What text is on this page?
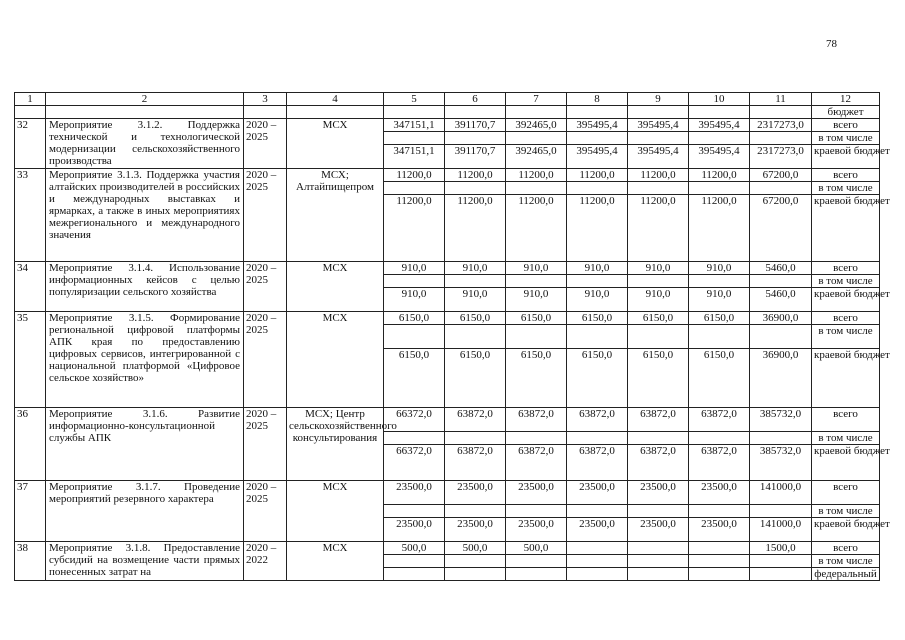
78
1	2	3	4	5	6	7	8	9	10	11	12
											бюджет
32	Мероприятие 3.1.2. Поддержка технической и технологической модернизации сельскохозяйственного производства	2020 – 2025	МСХ	347151,1	391170,7	392465,0	395495,4	395495,4	395495,4	2317273,0	всего
											в том числе
				347151,1	391170,7	392465,0	395495,4	395495,4	395495,4	2317273,0	краевой бюджет
33	Мероприятие 3.1.3. Поддержка участия алтайских производителей в российских и международных выставках и ярмарках, а также в иных мероприятиях межрегионального и международного значения	2020 – 2025	МСХ; Алтайпищепром	11200,0	11200,0	11200,0	11200,0	11200,0	11200,0	67200,0	всего
											в том числе
				11200,0	11200,0	11200,0	11200,0	11200,0	11200,0	67200,0	краевой бюджет
34	Мероприятие 3.1.4. Использование информационных кейсов с целью популяризации сельского хозяйства	2020 – 2025	МСХ	910,0	910,0	910,0	910,0	910,0	910,0	5460,0	всего
											в том числе
				910,0	910,0	910,0	910,0	910,0	910,0	5460,0	краевой бюджет
35	Мероприятие 3.1.5. Формирование региональной цифровой платформы АПК края по предоставлению цифровых сервисов, интегрированной с национальной платформой «Цифровое сельское хозяйство»	2020 – 2025	МСХ	6150,0	6150,0	6150,0	6150,0	6150,0	6150,0	36900,0	всего
											в том числе
				6150,0	6150,0	6150,0	6150,0	6150,0	6150,0	36900,0	краевой бюджет
36	Мероприятие 3.1.6. Развитие информационно-консультационной службы АПК	2020 – 2025	МСХ; Центр сельскохозяйственного консультирования	66372,0	63872,0	63872,0	63872,0	63872,0	63872,0	385732,0	всего
											в том числе
				66372,0	63872,0	63872,0	63872,0	63872,0	63872,0	385732,0	краевой бюджет
37	Мероприятие 3.1.7. Проведение мероприятий резервного характера	2020 – 2025	МСХ	23500,0	23500,0	23500,0	23500,0	23500,0	23500,0	141000,0	всего
											в том числе
				23500,0	23500,0	23500,0	23500,0	23500,0	23500,0	141000,0	краевой бюджет
38	Мероприятие 3.1.8. Предоставление субсидий на возмещение части прямых понесенных затрат на	2020 – 2022	МСХ	500,0	500,0	500,0				1500,0	всего
											в том числе
											федеральный
